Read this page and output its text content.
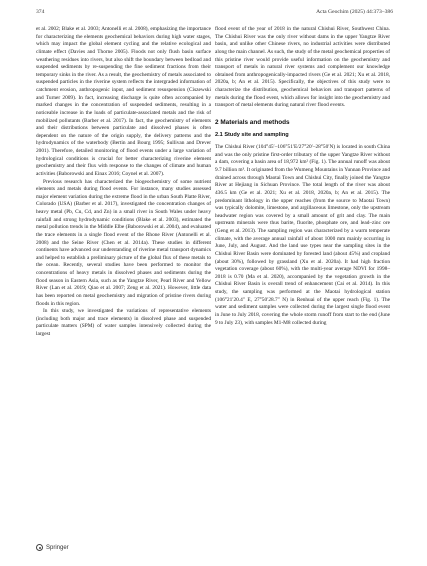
374	Acta Geochim (2025) 44:373–386

et al. 2002; Blake et al. 2003; Antonelli et al. 2008), emphasizing the importance for characterizing the elements geochemical behaviors during high water stages, which may impact the global element cycling and the relative ecological and climate effect (Davies and Thorne 2005). Floods not only flush basin surface weathering residues into rivers, but also shift the boundary between bedload and suspended sediments by re-suspending the fine sediment fractions from their temporary sinks in the river. As a result, the geochemistry of metals associated to suspended particles in the riverine system reflects the intergraded information of catchment erosion, anthropogenic input, and sediment resuspension (Ciszewski and Turner 2009). In fact, increasing discharge is quite often accompanied by marked changes in the concentration of suspended sediments, resulting in a noticeable increase in the loads of particulate-associated metals and the risk of mobilized pollutants (Barber et al. 2017). In fact, the geochemistry of elements and their distributions between particulate and dissolved phases is often dependent on the nature of the origin supply, the delivery patterns and the hydrodynamics of the waterbody (Bertin and Bourg 1995; Sullivan and Drever 2001). Therefore, detailed monitoring of flood events under a large variation of hydrological conditions is crucial for better characterizing riverine element geochemistry and their flux with response to the changes of climate and human activities (Baborowski and Einax 2016; Coynel et al. 2007).

Previous research has characterized the biogeochemistry of some nutrient elements and metals during flood events. For instance, many studies assessed major element variation during the extreme flood in the urban South Platte River, Colorado (USA) (Barber et al. 2017), investigated the concentration changes of heavy metal (Pb, Cu, Cd, and Zn) in a small river in South Wales under heavy rainfall and strong hydrodynamic conditions (Blake et al. 2003), estimated the metal pollution trends in the Middle Elbe (Baborowski et al. 2004), and evaluated the trace elements in a single flood event of the Rhone River (Antonelli et al. 2008) and the Seine River (Chen et al. 2014a). These studies in different continents have advanced our understanding of riverine metal transport dynamics and helped to establish a preliminary picture of the global flux of these metals to the ocean. Recently, several studies have been performed to monitor the concentrations of heavy metals in dissolved phases and sediments during the flood season in Eastern Asia, such as the Yangtze River, Pearl River and Yellow River (Lan et al. 2019; Qiao et al. 2007; Zeng et al. 2021). However, little data has been reported on metal geochemistry and migration of pristine rivers during floods in this region.

In this study, we investigated the variations of representative elements (including both major and trace elements) in dissolved phase and suspended particulate matters (SPM) of water samples intensively collected during the largest

flood event of the year of 2018 in the natural Chishui River, Southwest China. The Chishui River was the only river without dams in the upper Yangtze River basin, and unlike other Chinese rivers, no industrial activities were distributed along the main channel. As such, the study of the metal geochemical properties of this pristine river would provide useful information on the geochemistry and transport of metals in natural river systems and complement our knowledge obtained from anthropogenically-impacted rivers (Ge et al. 2021; Xu et al. 2018, 2020a, b; An et al. 2015). Specifically, the objectives of this study were to characterize the distribution, geochemical behaviors and transport patterns of metals during the flood event, which allows for insight into the geochemistry and transport of metal elements during natural river flood events.

2 Materials and methods
2.1 Study site and sampling

The Chishui River (104°45′–106°51′E/27°20′–28°50′N) is located in south China and was the only pristine first-order tributary of the upper Yangtze River without a dam, covering a basin area of 18,972 km² (Fig. 1). The annual runoff was about 9.7 billion m³. It originated from the Wumeng Mountains in Yunnan Province and drained across through Maotai Town and Chishui City, finally joined the Yangtze River at Hejiang in Sichuan Province. The total length of the river was about 436.5 km (Ge et al. 2021; Xu et al. 2018, 2020a, b; An et al. 2015). The predominant lithology in the upper reaches (from the source to Maotai Town) was typically dolomite, limestone, and argillaceous limestone, only the upstream headwater region was covered by a small amount of grit and clay. The main upstream minerals were thus barite, fluorite, phosphate ore, and lead–zinc ore (Geng et al. 2013). The sampling region was characterized by a warm temperate climate, with the average annual rainfall of about 1000 mm mainly occurring in June, July, and August. And the land use types near the sampling sites in the Chishui River Basin were dominated by forested land (about 45%) and cropland (about 30%), followed by grassland (Xu et al. 2020a). It had high fraction vegetation coverage (about 60%), with the multi-year average NDVI for 1998–2018 is 0.70 (Ma et al. 2020), accompanied by the vegetation growth in the Chishui River Basin is overall trend of enhancement (Cai et al. 2014). In this study, the sampling was performed at the Maotai hydrological station (106°21′20.4″ E, 27°50′28.7″ N) in Renhuai of the upper reach (Fig. 1). The water and sediment samples were collected during the largest single flood event in June to July 2018, covering the whole storm runoff from start to the end (June 9 to July 23), with samples M1-M8 collected during

Springer
